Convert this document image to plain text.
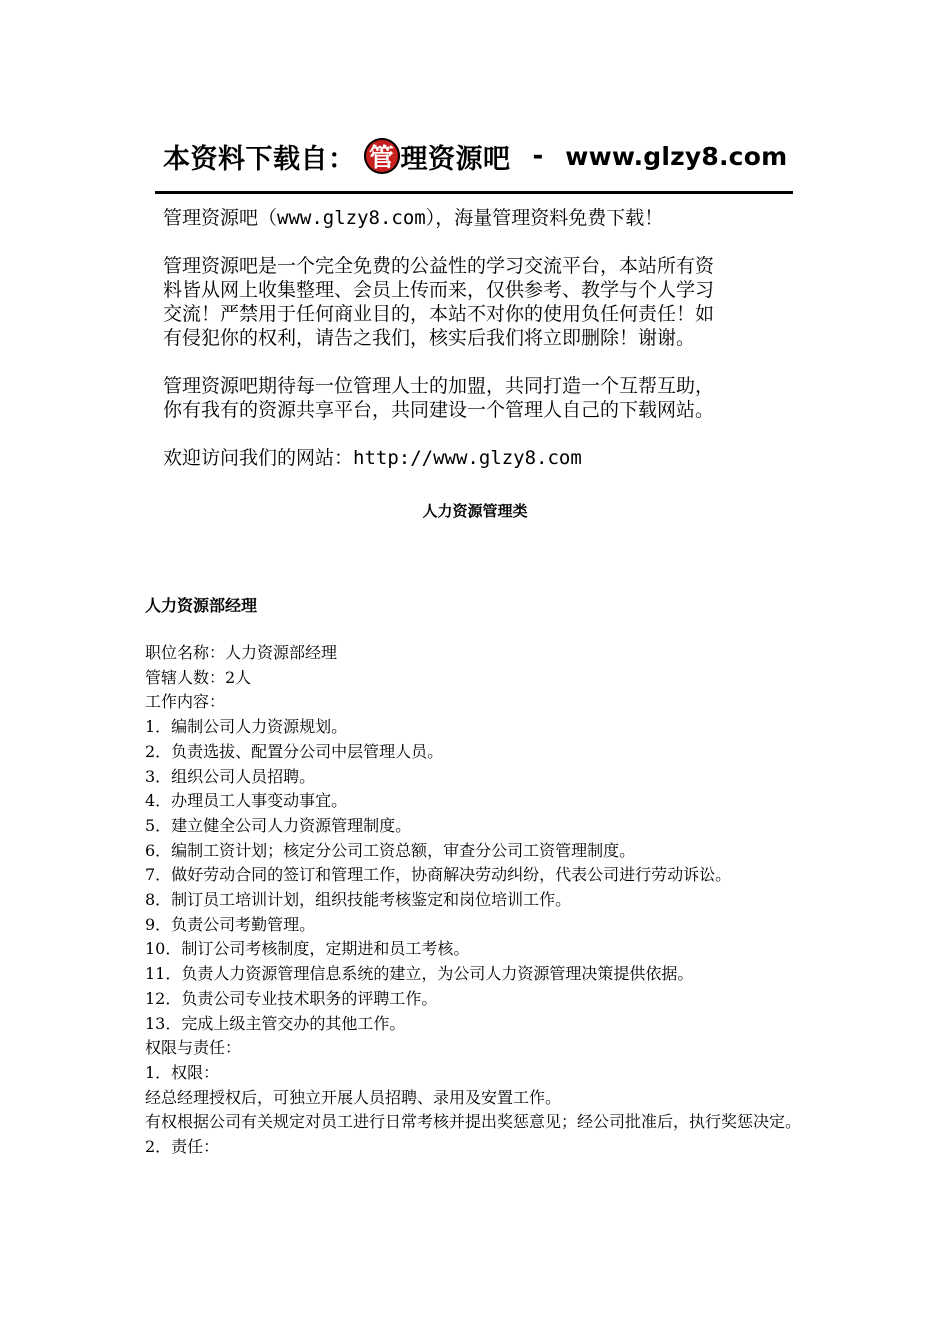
本资料下载自： 管 理资源吧 - www.glzy8.com

管理资源吧（www.glzy8.com），海量管理资料免费下载！

管理资源吧是一个完全免费的公益性的学习交流平台，本站所有资

料皆从网上收集整理、会员上传而来，仅供参考、教学与个人学习

交流！严禁用于任何商业目的，本站不对你的使用负任何责任！如

有侵犯你的权利，请告之我们，核实后我们将立即删除！谢谢。

管理资源吧期待每一位管理人士的加盟，共同打造一个互帮互助，

你有我有的资源共享平台，共同建设一个管理人自己的下载网站。

欢迎访问我们的网站：http://www.glzy8.com

人力资源管理类
人力资源部经理

职位名称：人力资源部经理

管辖人数：2人

工作内容：

1．编制公司人力资源规划。

2．负责选拔、配置分公司中层管理人员。

3．组织公司人员招聘。

4．办理员工人事变动事宜。

5．建立健全公司人力资源管理制度。

6．编制工资计划；核定分公司工资总额，审查分公司工资管理制度。

7．做好劳动合同的签订和管理工作，协商解决劳动纠纷，代表公司进行劳动诉讼。

8．制订员工培训计划，组织技能考核鉴定和岗位培训工作。

9．负责公司考勤管理。

10．制订公司考核制度，定期进和员工考核。

11．负责人力资源管理信息系统的建立，为公司人力资源管理决策提供依据。

12．负责公司专业技术职务的评聘工作。

13．完成上级主管交办的其他工作。

权限与责任：

1．权限：

经总经理授权后，可独立开展人员招聘、录用及安置工作。

有权根据公司有关规定对员工进行日常考核并提出奖惩意见；经公司批准后，执行奖惩决定。

2．责任：
